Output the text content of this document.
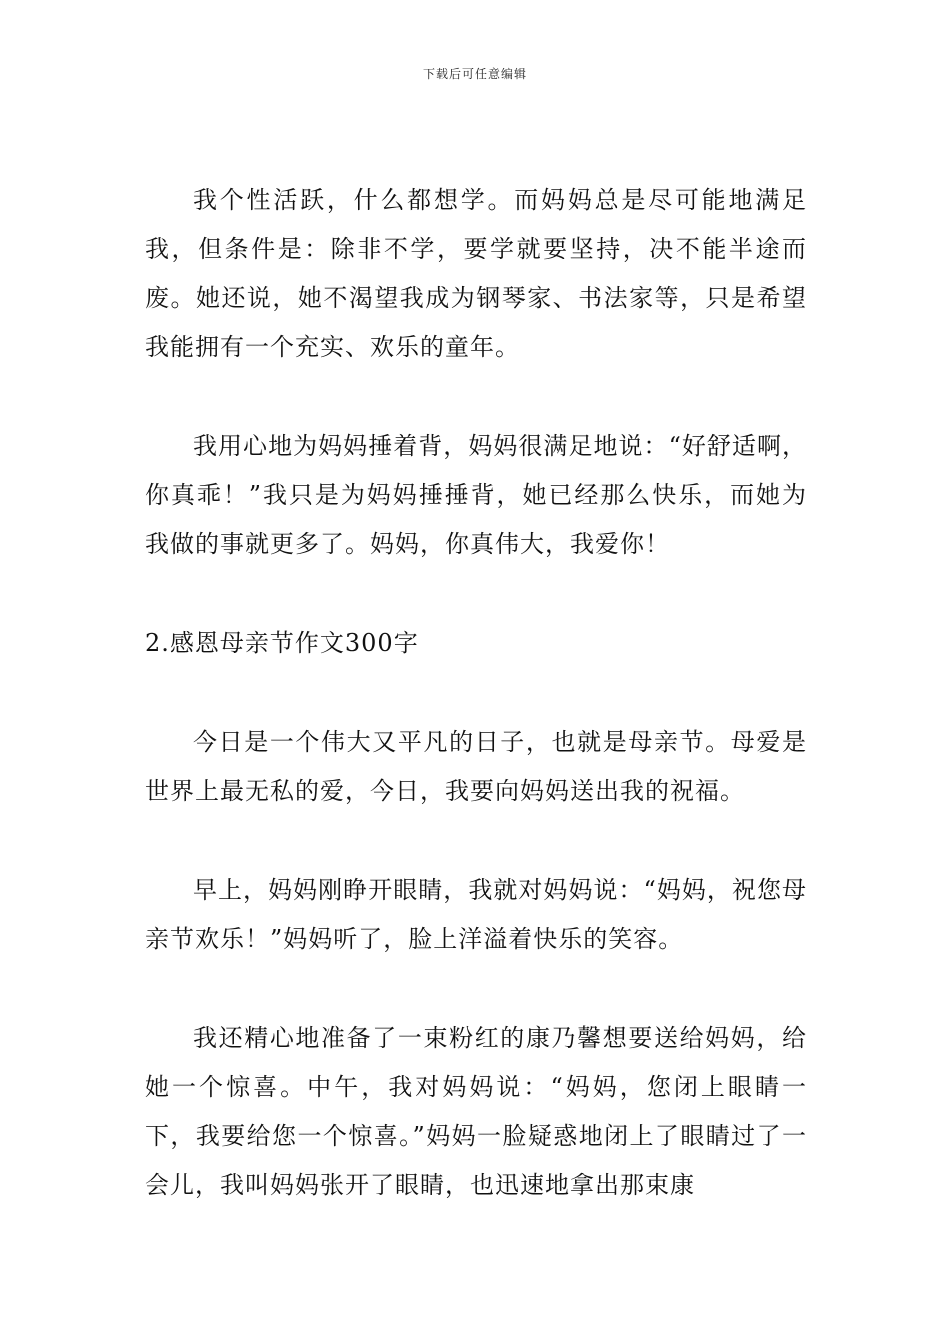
下载后可任意编辑

我个性活跃，什么都想学。而妈妈总是尽可能地满足我，但条件是：除非不学，要学就要坚持，决不能半途而废。她还说，她不渴望我成为钢琴家、书法家等，只是希望我能拥有一个充实、欢乐的童年。

我用心地为妈妈捶着背，妈妈很满足地说：“好舒适啊，你真乖！”我只是为妈妈捶捶背，她已经那么快乐，而她为我做的事就更多了。妈妈，你真伟大，我爱你！

2.感恩母亲节作文300字

今日是一个伟大又平凡的日子，也就是母亲节。母爱是世界上最无私的爱，今日，我要向妈妈送出我的祝福。

早上，妈妈刚睁开眼睛，我就对妈妈说：“妈妈，祝您母亲节欢乐！”妈妈听了，脸上洋溢着快乐的笑容。

我还精心地准备了一束粉红的康乃馨想要送给妈妈，给她一个惊喜。中午，我对妈妈说：“妈妈，您闭上眼睛一下，我要给您一个惊喜。”妈妈一脸疑惑地闭上了眼睛过了一会儿，我叫妈妈张开了眼睛，也迅速地拿出那束康
